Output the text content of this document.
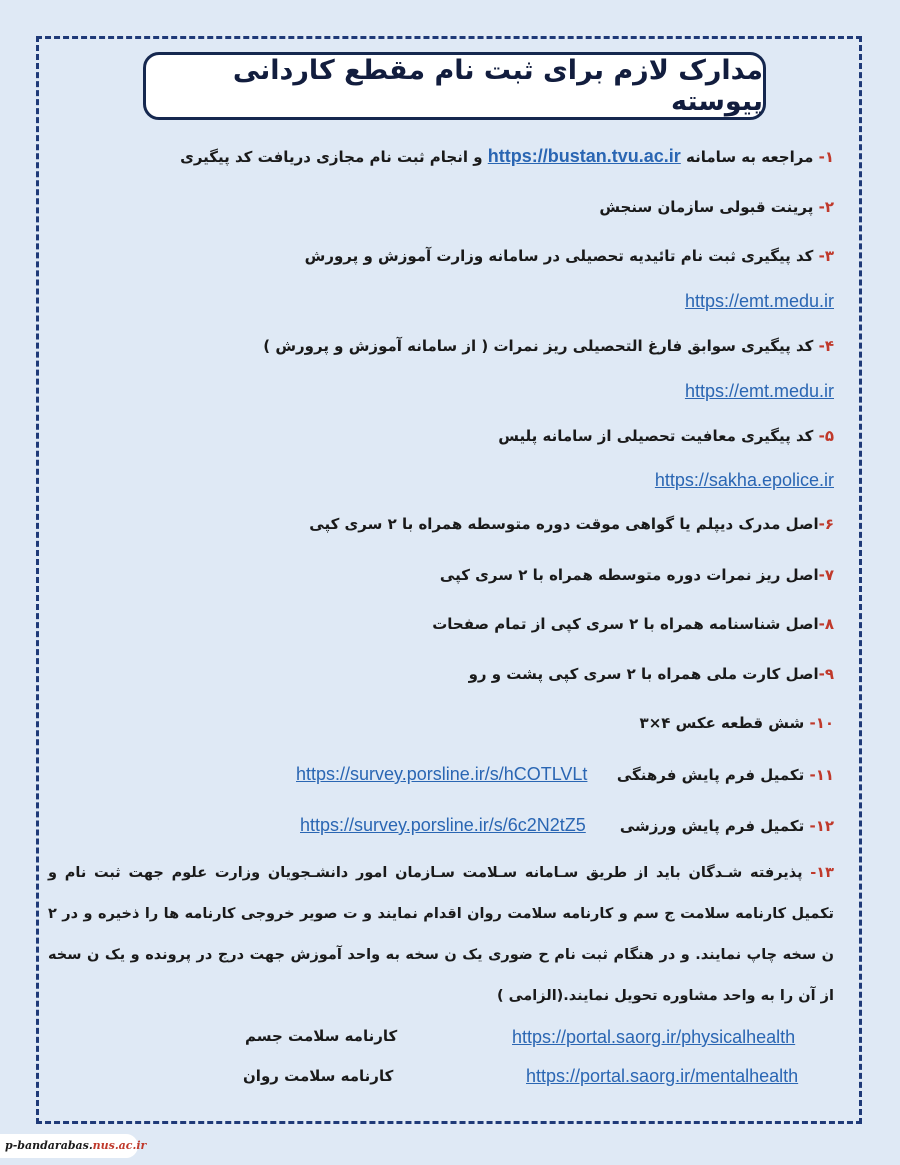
مدارک لازم برای ثبت نام مقطع کاردانی پیوسته
۱- مراجعه به سامانه https://bustan.tvu.ac.ir و انجام ثبت نام مجازی دریافت کد پیگیری
۲- پرینت قبولی سازمان سنجش
۳- کد پیگیری ثبت نام تائیدیه تحصیلی در سامانه وزارت آموزش و پرورش
https://emt.medu.ir
۴- کد پیگیری سوابق فارغ التحصیلی ریز نمرات ( از سامانه آموزش و پرورش )
https://emt.medu.ir
۵- کد پیگیری معافیت تحصیلی از سامانه پلیس
https://sakha.epolice.ir
۶-اصل مدرک دیپلم یا گواهی موقت دوره متوسطه همراه با ۲ سری کپی
۷-اصل ریز نمرات دوره متوسطه همراه با ۲ سری کپی
۸-اصل شناسنامه همراه با ۲ سری کپی از تمام صفحات
۹-اصل کارت ملی همراه با ۲ سری کپی پشت و رو
۱۰- شش قطعه عکس ۴×۳
۱۱- تکمیل فرم پایش فرهنگی
https://survey.porsline.ir/s/hCOTLVLt
۱۲- تکمیل فرم پایش ورزشی
https://survey.porsline.ir/s/6c2N2tZ5
۱۳- پذیرفته شـدگان باید از طریق سـامانه سـلامت سـازمان امور دانشـجویان وزارت علوم جهت ثبت نام و تکمیل کارنامه سلامت ج سم و کارنامه سلامت روان اقدام نمایند و ت صویر خروجی کارنامه ها را ذخیره و در ۲ ن سخه چاپ نمایند. و در هنگام ثبت نام ح ضوری یک ن سخه به واحد آموزش جهت درج در پرونده و یک ن سخه از آن را به واحد مشاوره تحویل نمایند.(الزامی )
کارنامه سلامت جسم	https://portal.saorg.ir/physicalhealth
کارنامه سلامت روان	https://portal.saorg.ir/mentalhealth
p-bandarabas.nus.ac.ir
